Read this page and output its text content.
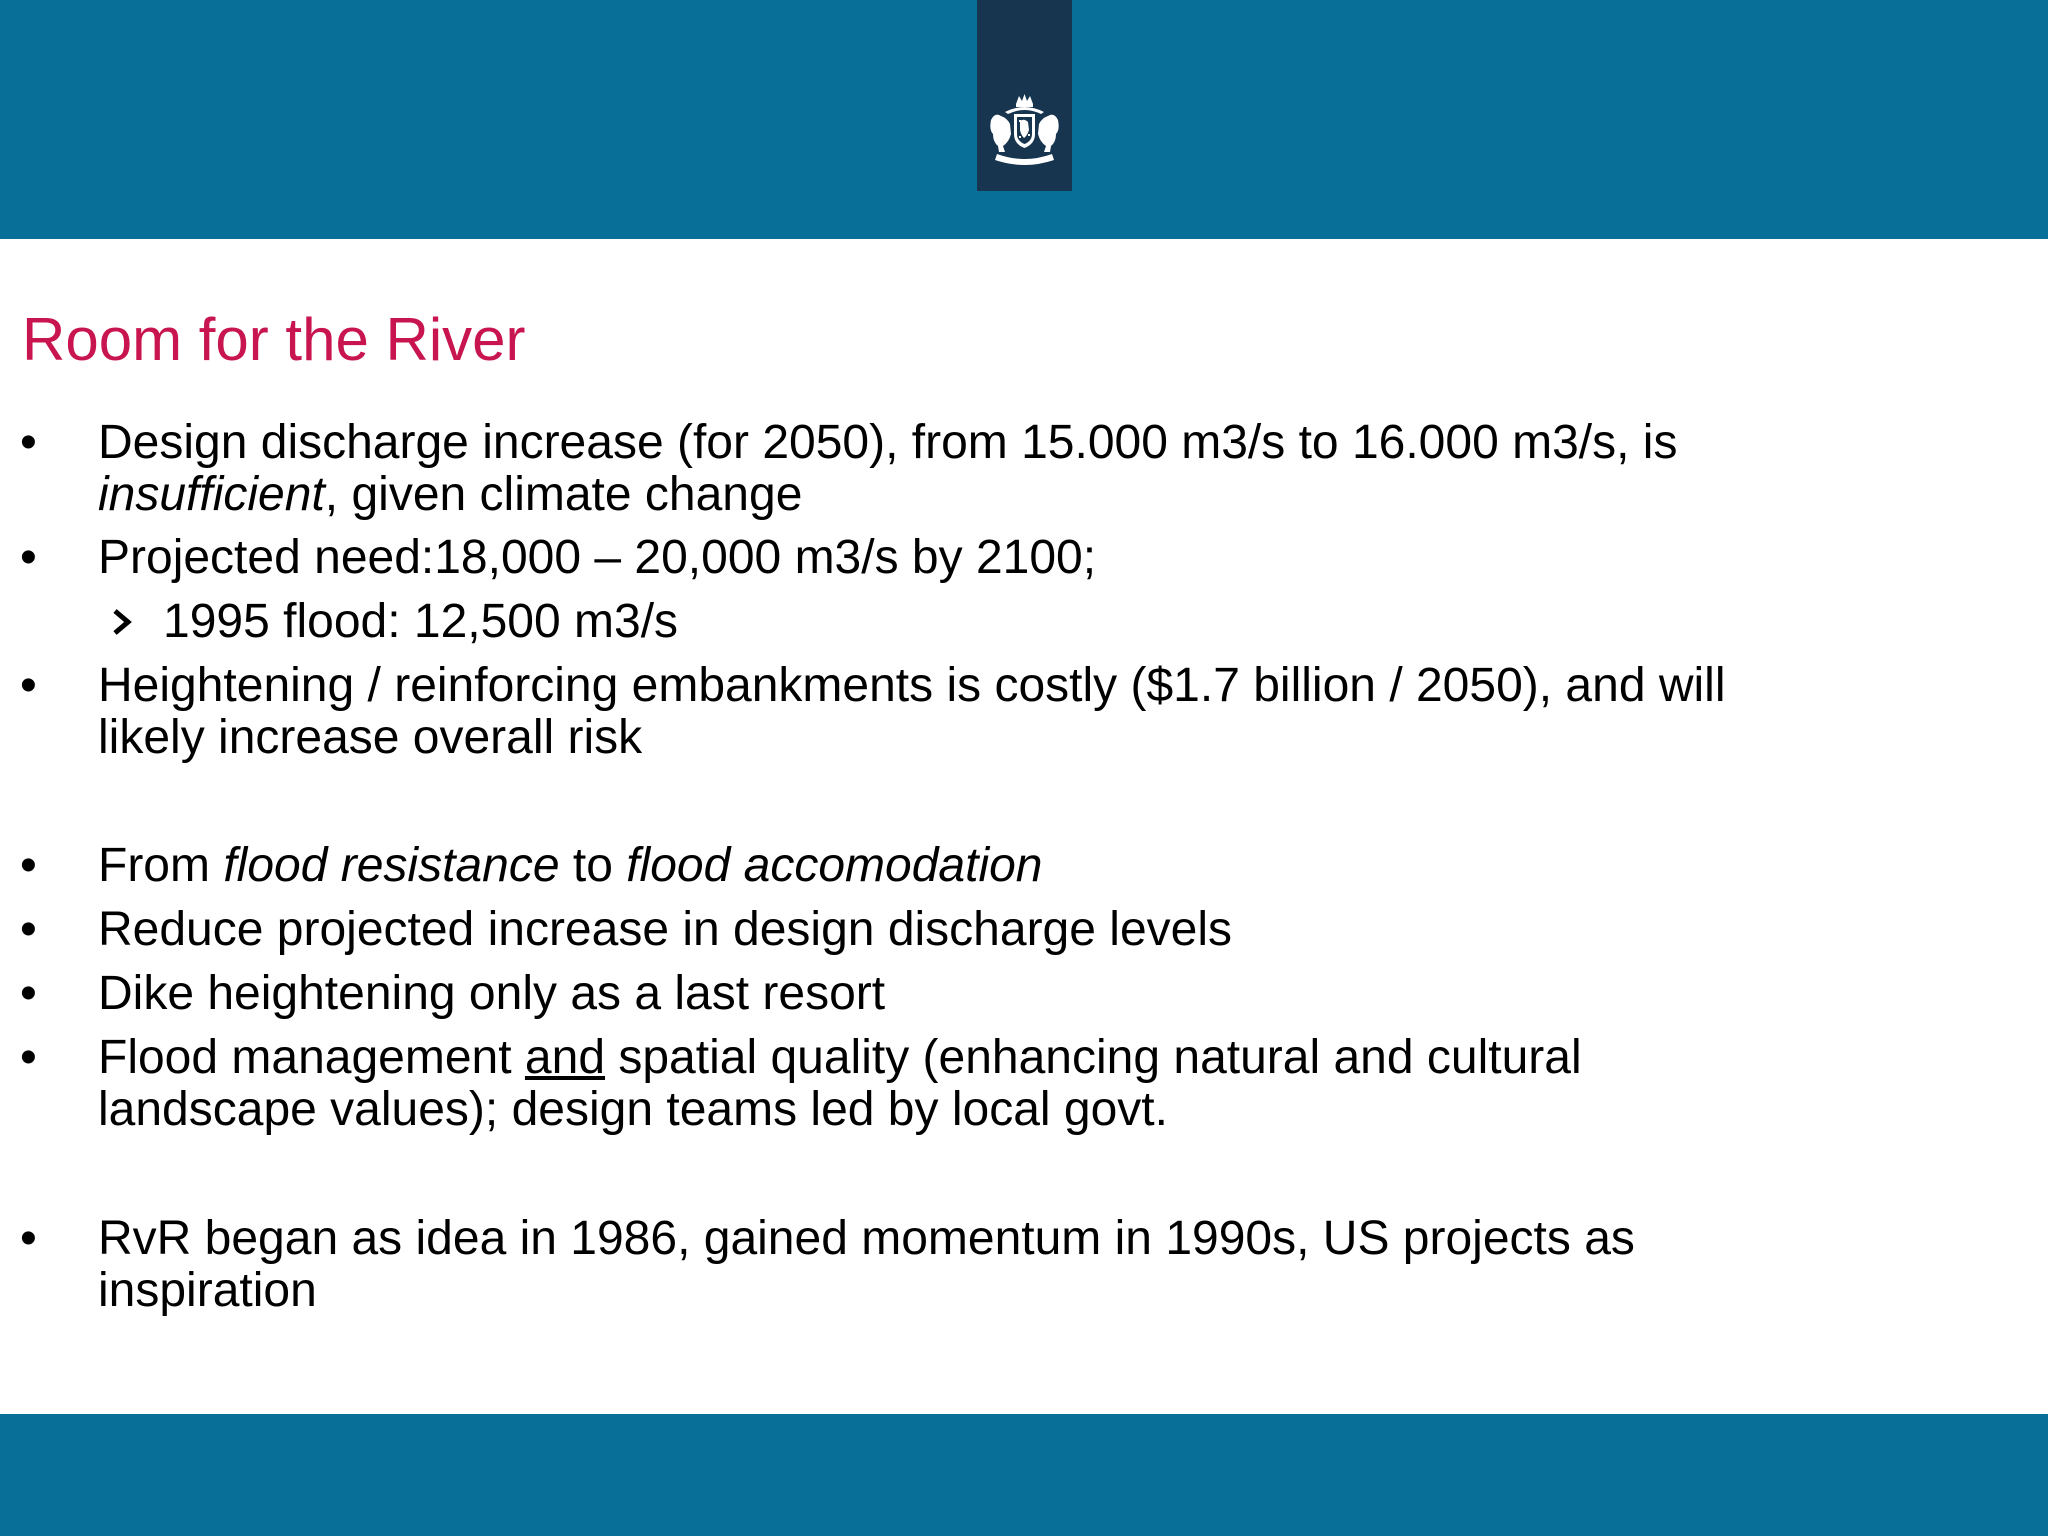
Room for the River
• Design discharge increase (for 2050), from 15.000 m3/s to 16.000 m3/s, is insufficient, given climate change
• Projected need:18,000 – 20,000 m3/s by 2100;
1995 flood: 12,500 m3/s
• Heightening / reinforcing embankments is costly ($1.7 billion / 2050), and will likely increase overall risk
• From flood resistance to flood accomodation
• Reduce projected increase in design discharge levels
• Dike heightening only as a last resort
• Flood management and spatial quality (enhancing natural and cultural landscape values); design teams led by local govt.
• RvR began as idea in 1986, gained momentum in 1990s, US projects as inspiration
